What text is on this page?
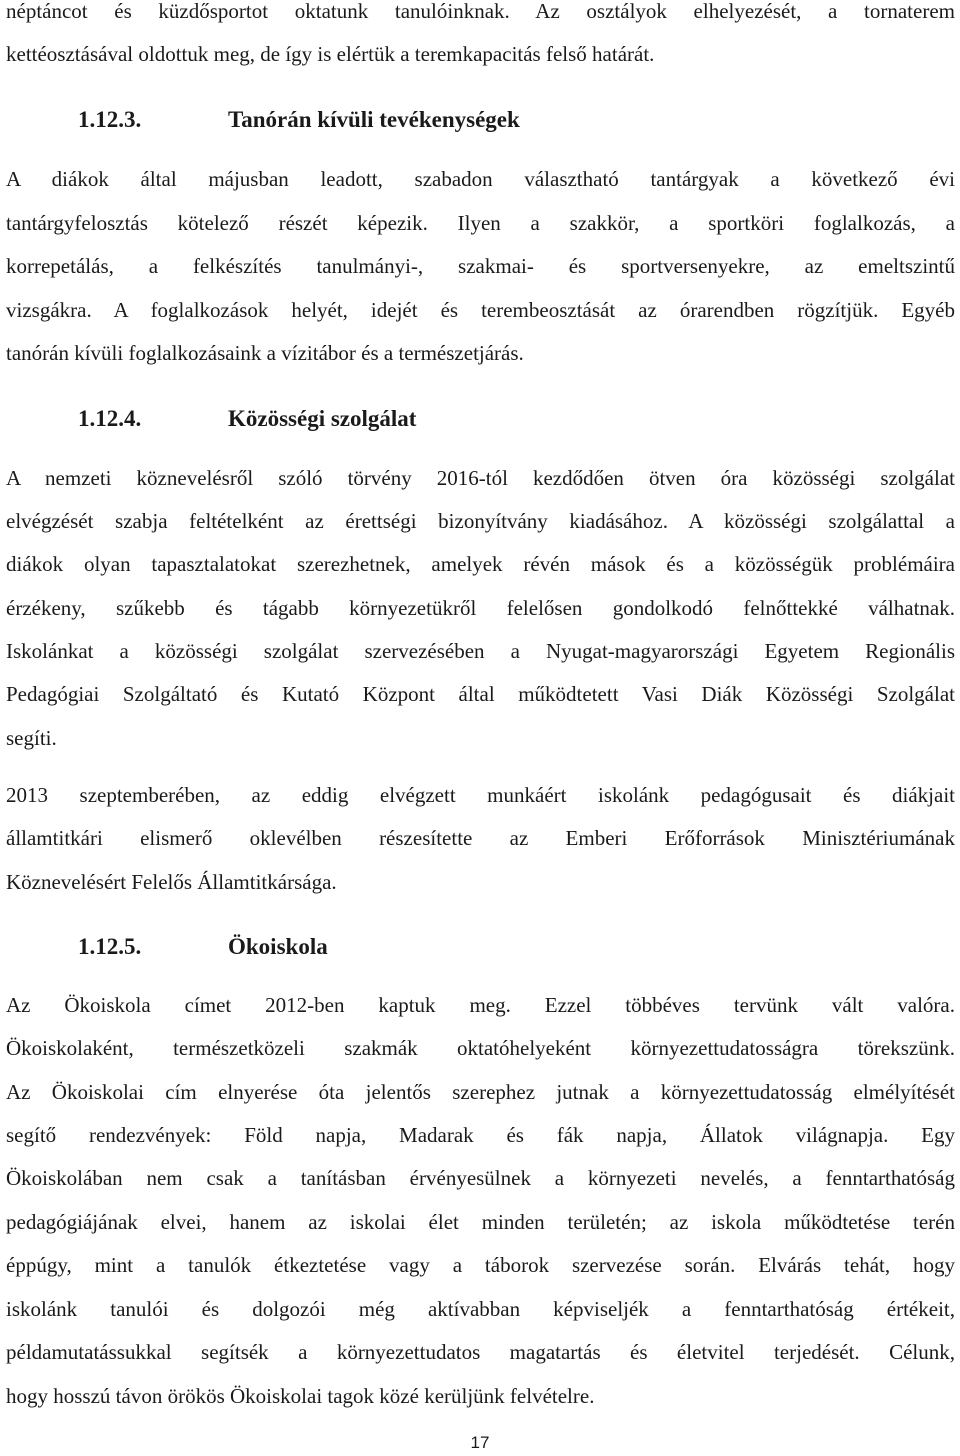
néptáncot és küzdősportot oktatunk tanulóinknak. Az osztályok elhelyezését, a tornaterem
kettéosztásával oldottuk meg, de így is elértük a teremkapacitás felső határát.
1.12.3.	Tanórán kívüli tevékenységek
A diákok által májusban leadott, szabadon választható tantárgyak a következő évi
tantárgyfelosztás kötelező részét képezik. Ilyen a szakkör, a sportköri foglalkozás, a
korrepetálás, a felkészítés tanulmányi-, szakmai- és sportversenyekre, az emeltszintű
vizsgákra. A foglalkozások helyét, idejét és terembeosztását az órarendben rögzítjük. Egyéb
tanórán kívüli foglalkozásaink a vízitábor és a természetjárás.
1.12.4.	Közösségi szolgálat
A nemzeti köznevelésről szóló törvény 2016-tól kezdődően ötven óra közösségi szolgálat
elvégzését szabja feltételként az érettségi bizonyítvány kiadásához. A közösségi szolgálattal a
diákok olyan tapasztalatokat szerezhetnek, amelyek révén mások és a közösségük problémáira
érzékeny, szűkebb és tágabb környezetükről felelősen gondolkodó felnőttekké válhatnak.
Iskolánkat a közösségi szolgálat szervezésében a Nyugat-magyarországi Egyetem Regionális
Pedagógiai Szolgáltató és Kutató Központ által működtetett Vasi Diák Közösségi Szolgálat
segíti.
2013 szeptemberében, az eddig elvégzett munkáért iskolánk pedagógusait és diákjait
államtitkári elismerő oklevélben részesítette az Emberi Erőforrások Minisztériumának
Köznevelésért Felelős Államtitkársága.
1.12.5.	Ökoiskola
Az Ökoiskola címet 2012-ben kaptuk meg. Ezzel többéves tervünk vált valóra.
Ökoiskolaként, természetközeli szakmák oktatóhelyeként környezettudatosságra törekszünk.
Az Ökoiskolai cím elnyerése óta jelentős szerephez jutnak a környezettudatosság elmélyítését
segítő rendezvények: Föld napja, Madarak és fák napja, Állatok világnapja. Egy
Ökoiskolában nem csak a tanításban érvényesülnek a környezeti nevelés, a fenntarthatóság
pedagógiájának elvei, hanem az iskolai élet minden területén; az iskola működtetése terén
éppúgy, mint a tanulók étkeztetése vagy a táborok szervezése során. Elvárás tehát, hogy
iskolánk tanulói és dolgozói még aktívabban képviseljék a fenntarthatóság értékeit,
példamutatássukkal segítsék a környezettudatos magatartás és életvitel terjedését. Célunk,
hogy hosszú távon örökös Ökoiskolai tagok közé kerüljünk felvételre.
17
